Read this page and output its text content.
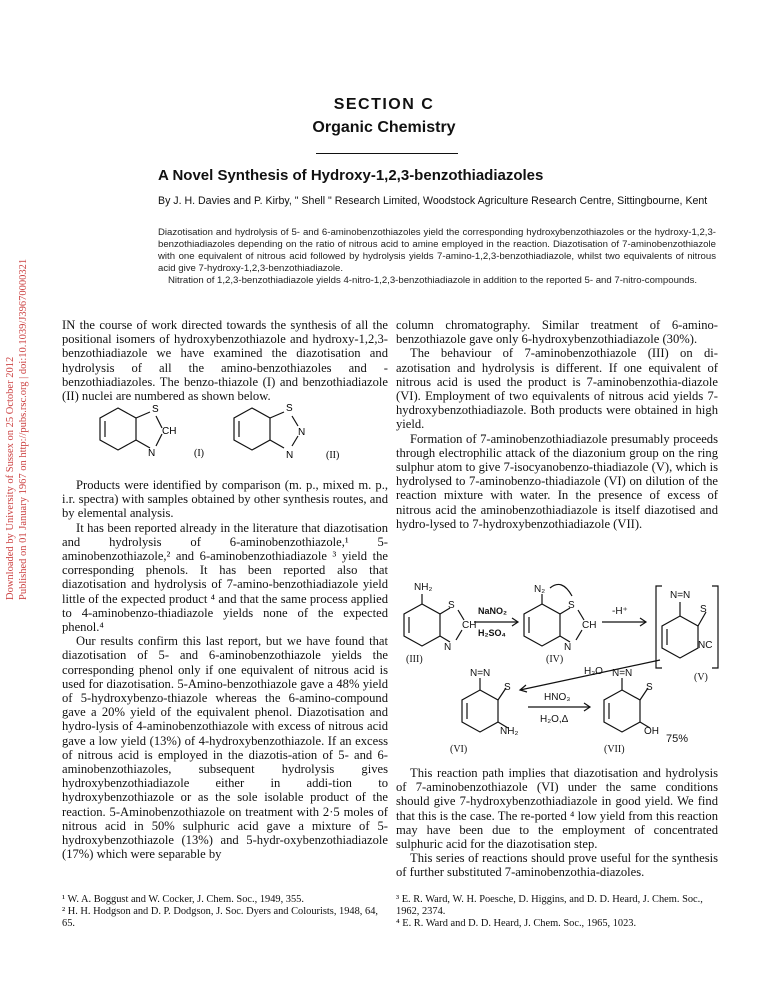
Downloaded by University of Sussex on 25 October 2012 Published on 01 January 1967 on http://pubs.rsc.org | doi:10.1039/J39670000321
SECTION C
Organic Chemistry
A Novel Synthesis of Hydroxy-1,2,3-benzothiadiazoles
By J. H. Davies and P. Kirby, " Shell " Research Limited, Woodstock Agriculture Research Centre, Sittingbourne, Kent

Diazotisation and hydrolysis of 5- and 6-aminobenzothiazoles yield the corresponding hydroxybenzothiazoles or the hydroxy-1,2,3-benzothiadiazoles depending on the ratio of nitrous acid to amine employed in the reaction. Diazotisation of 7-aminobenzothiazole with one equivalent of nitrous acid followed by hydrolysis yields 7-amino-1,2,3-benzothiadiazole, whilst two equivalents of nitrous acid give 7-hydroxy-1,2,3-benzothiadiazole.

Nitration of 1,2,3-benzothiadiazole yields 4-nitro-1,2,3-benzothiadiazole in addition to the reported 5- and 7-nitro-compounds.

IN the course of work directed towards the synthesis of all the positional isomers of hydroxybenzothiazole and hydroxy-1,2,3-benzothiadiazole we have examined the diazotisation and hydrolysis of all the amino-benzothiazoles and -benzothiadiazoles. The benzo-thiazole (I) and benzothiadiazole (II) nuclei are numbered as shown below.

S
CH
N	(I)
S
N
N	(II)

Products were identified by comparison (m. p., mixed m. p., i.r. spectra) with samples obtained by other synthesis routes, and by elemental analysis.

It has been reported already in the literature that diazotisation and hydrolysis of 6-aminobenzothiazole,¹ 5-aminobenzothiazole,² and 6-aminobenzothiadiazole ³ yield the corresponding phenols. It has been reported also that diazotisation and hydrolysis of 7-amino-benzothiadiazole yield little of the expected product ⁴ and that the same process applied to 4-aminobenzo-thiadiazole yields none of the expected phenol.⁴

Our results confirm this last report, but we have found that diazotisation of 5- and 6-aminobenzothiazole yields the corresponding phenol only if one equivalent of nitrous acid is used for diazotisation. 5-Amino-benzothiazole gave a 48% yield of 5-hydroxybenzo-thiazole whereas the 6-amino-compound gave a 20% yield of the equivalent phenol. Diazotisation and hydro-lysis of 4-aminobenzothiazole with excess of nitrous acid gave a low yield (13%) of 4-hydroxybenzothiazole. If an excess of nitrous acid is employed in the diazotis-ation of 5- and 6-aminobenzothiazoles, subsequent hydrolysis gives hydroxybenzothiadiazole either in addi-tion to hydroxybenzothiazole or as the sole isolable product of the reaction. 5-Aminobenzothiazole on treatment with 2·5 moles of nitrous acid in 50% sulphuric acid gave a mixture of 5-hydroxybenzothiazole (13%) and 5-hydr-oxybenzothiadiazole (17%) which were separable by

column chromatography. Similar treatment of 6-amino-benzothiazole gave only 6-hydroxybenzothiadiazole (30%).

The behaviour of 7-aminobenzothiazole (III) on di-azotisation and hydrolysis is different. If one equivalent of nitrous acid is used the product is 7-aminobenzothia-diazole (VI). Employment of two equivalents of nitrous acid yields 7-hydroxybenzothiadiazole. Both products were obtained in high yield.

Formation of 7-aminobenzothiadiazole presumably proceeds through electrophilic attack of the diazonium group on the ring sulphur atom to give 7-isocyanobenzo-thiadiazole (V), which is hydrolysed to 7-aminobenzo-thiadiazole (VI) on dilution of the reaction mixture with water. In the presence of excess of nitrous acid the aminobenzothiadiazole is itself diazotised and hydro-lysed to 7-hydroxybenzothiadiazole (VII).

NH₂
S
CH
N
(III)
NaNO₂
H₂SO₄
N₂
S
CH
N
(IV)
-H⁺
N=N
S
NC
(V)
H₂O
N=N
S
NH₂
(VI)
HNO₃
H₂O,Δ
N=N
S
OH
75%
(VII)

This reaction path implies that diazotisation and hydrolysis of 7-aminobenzothiazole (VI) under the same conditions should give 7-hydroxybenzothiadiazole in good yield. We find that this is the case. The re-ported ⁴ low yield from this reaction may have been due to the employment of concentrated sulphuric acid for the diazotisation step.

This series of reactions should prove useful for the synthesis of further substituted 7-aminobenzothia-diazoles.

¹ W. A. Boggust and W. Cocker, J. Chem. Soc., 1949, 355.
² H. H. Hodgson and D. P. Dodgson, J. Soc. Dyers and Colourists, 1948, 64, 65.
³ E. R. Ward, W. H. Poesche, D. Higgins, and D. D. Heard, J. Chem. Soc., 1962, 2374.
⁴ E. R. Ward and D. D. Heard, J. Chem. Soc., 1965, 1023.
